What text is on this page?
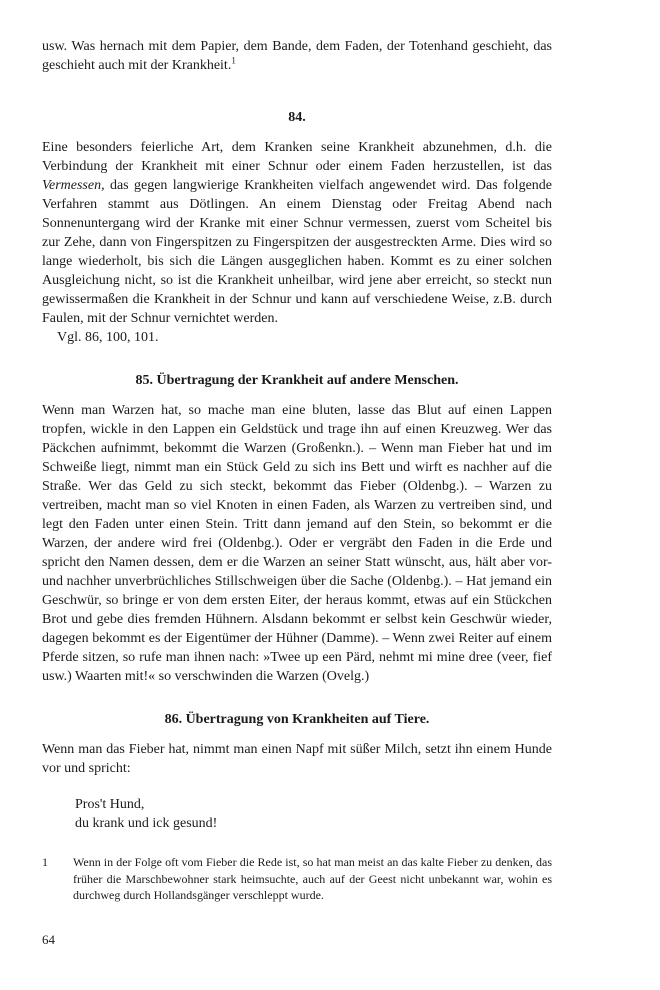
usw. Was hernach mit dem Papier, dem Bande, dem Faden, der Totenhand geschieht, das geschieht auch mit der Krankheit.$^1$

84.

Eine besonders feierliche Art, dem Kranken seine Krankheit abzunehmen, d.h. die Verbindung der Krankheit mit einer Schnur oder einem Faden herzustellen, ist das Vermessen, das gegen langwierige Krankheiten vielfach angewendet wird. Das folgende Verfahren stammt aus Dötlingen. An einem Dienstag oder Freitag Abend nach Sonnenuntergang wird der Kranke mit einer Schnur vermessen, zuerst vom Scheitel bis zur Zehe, dann von Fingerspitzen zu Fingerspitzen der ausgestreckten Arme. Dies wird so lange wiederholt, bis sich die Längen ausgeglichen haben. Kommt es zu einer solchen Ausgleichung nicht, so ist die Krankheit unheilbar, wird jene aber erreicht, so steckt nun gewissermaßen die Krankheit in der Schnur und kann auf verschiedene Weise, z.B. durch Faulen, mit der Schnur vernichtet werden.

Vgl. 86, 100, 101.

85. Übertragung der Krankheit auf andere Menschen.

Wenn man Warzen hat, so mache man eine bluten, lasse das Blut auf einen Lappen tropfen, wickle in den Lappen ein Geldstück und trage ihn auf einen Kreuzweg. Wer das Päckchen aufnimmt, bekommt die Warzen (Großenkn.). – Wenn man Fieber hat und im Schweiße liegt, nimmt man ein Stück Geld zu sich ins Bett und wirft es nachher auf die Straße. Wer das Geld zu sich steckt, bekommt das Fieber (Oldenbg.). – Warzen zu vertreiben, macht man so viel Knoten in einen Faden, als Warzen zu vertreiben sind, und legt den Faden unter einen Stein. Tritt dann jemand auf den Stein, so bekommt er die Warzen, der andere wird frei (Oldenbg.). Oder er vergräbt den Faden in die Erde und spricht den Namen dessen, dem er die Warzen an seiner Statt wünscht, aus, hält aber vor- und nachher unverbrüchliches Stillschweigen über die Sache (Oldenbg.). – Hat jemand ein Geschwür, so bringe er von dem ersten Eiter, der heraus kommt, etwas auf ein Stückchen Brot und gebe dies fremden Hühnern. Alsdann bekommt er selbst kein Geschwür wieder, dagegen bekommt es der Eigentümer der Hühner (Damme). – Wenn zwei Reiter auf einem Pferde sitzen, so rufe man ihnen nach: »Twee up een Pärd, nehmt mi mine dree (veer, fief usw.) Waarten mit!« so verschwinden die Warzen (Ovelg.)

86. Übertragung von Krankheiten auf Tiere.

Wenn man das Fieber hat, nimmt man einen Napf mit süßer Milch, setzt ihn einem Hunde vor und spricht:

Pros't Hund,
du krank und ick gesund!
1 Wenn in der Folge oft vom Fieber die Rede ist, so hat man meist an das kalte Fieber zu denken, das früher die Marschbewohner stark heimsuchte, auch auf der Geest nicht unbekannt war, wohin es durchweg durch Hollandsgänger verschleppt wurde.
64
